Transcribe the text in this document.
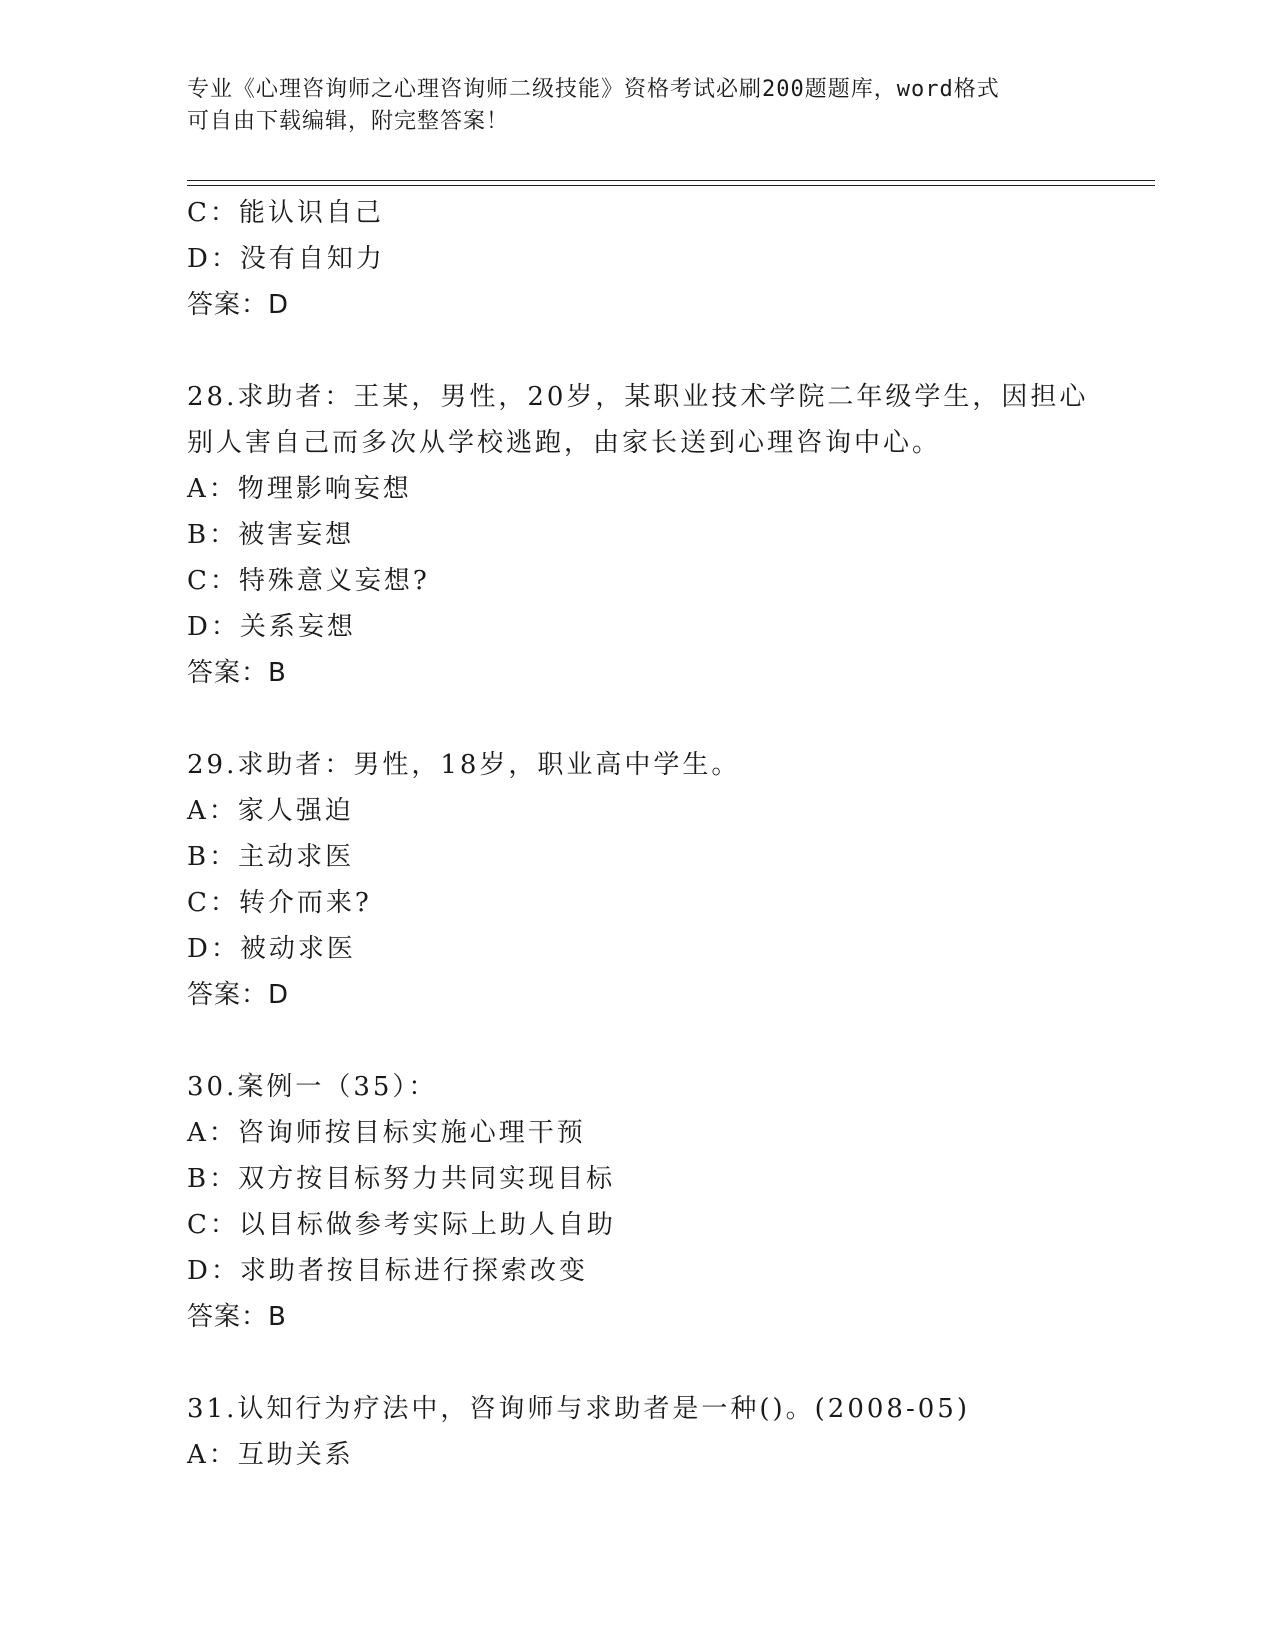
专业《心理咨询师之心理咨询师二级技能》资格考试必刷200题题库，word格式
可自由下载编辑，附完整答案！
C：能认识自己
D：没有自知力
答案：D
28.求助者：王某，男性，20岁，某职业技术学院二年级学生，因担心
别人害自己而多次从学校逃跑，由家长送到心理咨询中心。
A：物理影响妄想
B：被害妄想
C：特殊意义妄想?
D：关系妄想
答案：B
29.求助者：男性，18岁，职业高中学生。
A：家人强迫
B：主动求医
C：转介而来?
D：被动求医
答案：D
30.案例一（35）：
A：咨询师按目标实施心理干预
B：双方按目标努力共同实现目标
C：以目标做参考实际上助人自助
D：求助者按目标进行探索改变
答案：B
31.认知行为疗法中，咨询师与求助者是一种()。(2008-05)
A：互助关系
